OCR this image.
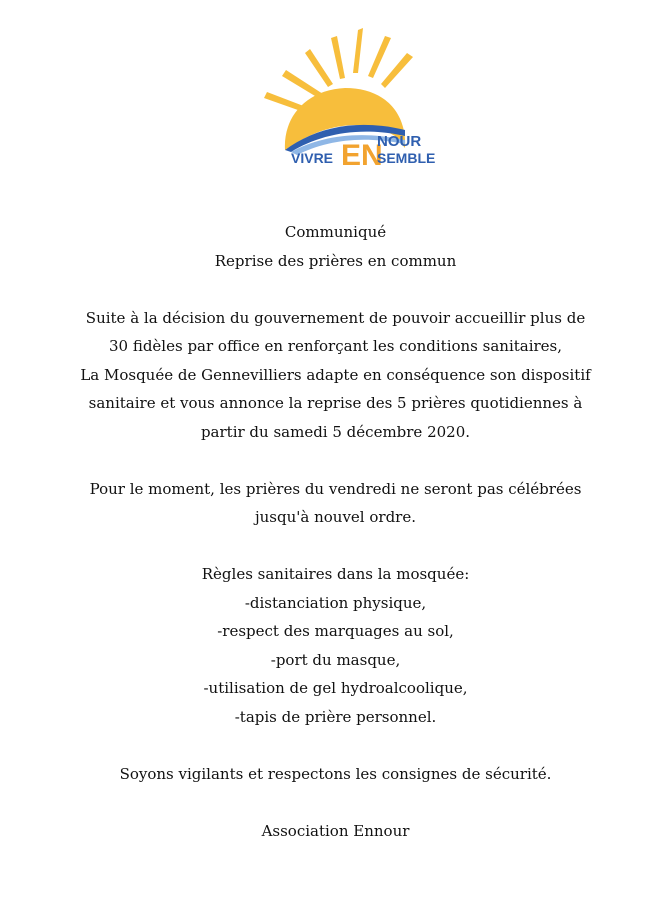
EN
NOUR
VIVRE	SEMBLE

Communiqué

Reprise des prières en commun

Suite à la décision du gouvernement de pouvoir accueillir plus de

30 fidèles par office en renforçant les conditions sanitaires,

La Mosquée de Gennevilliers adapte en conséquence son dispositif

sanitaire et vous annonce la reprise des 5 prières quotidiennes à

partir du samedi 5 décembre 2020.

Pour le moment, les prières du vendredi ne seront pas célébrées

jusqu'à nouvel ordre.

Règles sanitaires dans la mosquée:

-distanciation physique,

-respect des marquages au sol,

-port du masque,

-utilisation de gel hydroalcoolique,

-tapis de prière personnel.

Soyons vigilants et respectons les consignes de sécurité.

Association Ennour
